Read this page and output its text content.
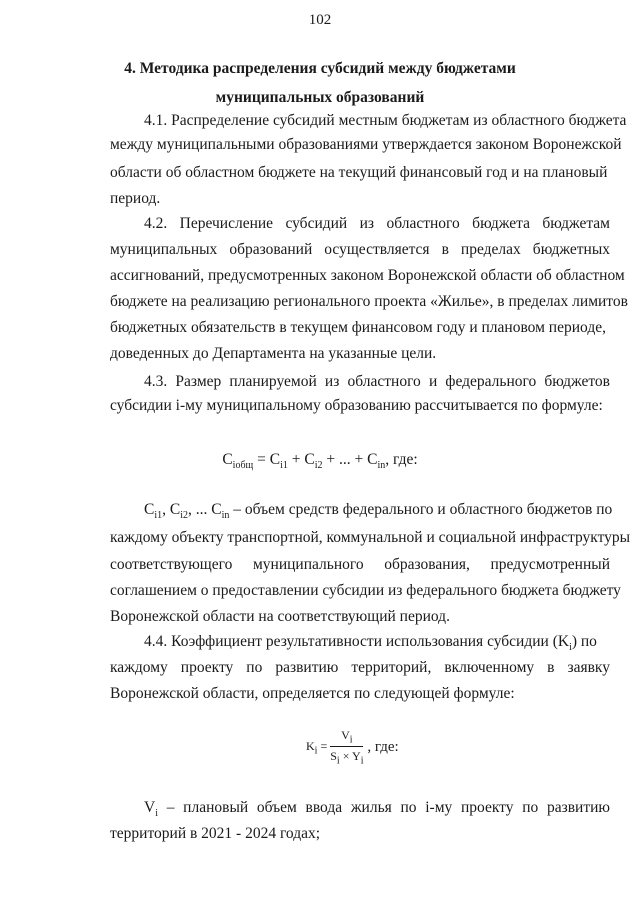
102
4. Методика распределения субсидий между бюджетами
муниципальных образований
4.1. Распределение субсидий местным бюджетам из областного бюджета
между муниципальными образованиями утверждается законом Воронежской
области об областном бюджете на текущий финансовый год и на плановый
период.
4.2. Перечисление субсидий из областного бюджета бюджетам
муниципальных образований осуществляется в пределах бюджетных
ассигнований, предусмотренных законом Воронежской области об областном
бюджете на реализацию регионального проекта «Жилье», в пределах лимитов
бюджетных обязательств в текущем финансовом году и плановом периоде,
доведенных до Департамента на указанные цели.
4.3. Размер планируемой из областного и федерального бюджетов
субсидии i-му муниципальному образованию рассчитывается по формуле:
$C_{iобщ} = C_{i1} + C_{i2}$ + ... + $C_{in}$, где:
$C_{i1}$, $C_{i2}$, ... $C_{in}$ – объем средств федерального и областного бюджетов по
каждому объекту транспортной, коммунальной и социальной инфраструктуры
соответствующего муниципального образования, предусмотренный
соглашением о предоставлении субсидии из федерального бюджета бюджету
Воронежской области на соответствующий период.
4.4. Коэффициент результативности использования субсидии $(K_i)$ по
каждому проекту по развитию территорий, включенному в заявку
Воронежской области, определяется по следующей формуле:
$K_i = \frac{V_i}{S_i \times Y_i}$ , где:
$V_i$ – плановый объем ввода жилья по i-му проекту по развитию
территорий в 2021 - 2024 годах;
